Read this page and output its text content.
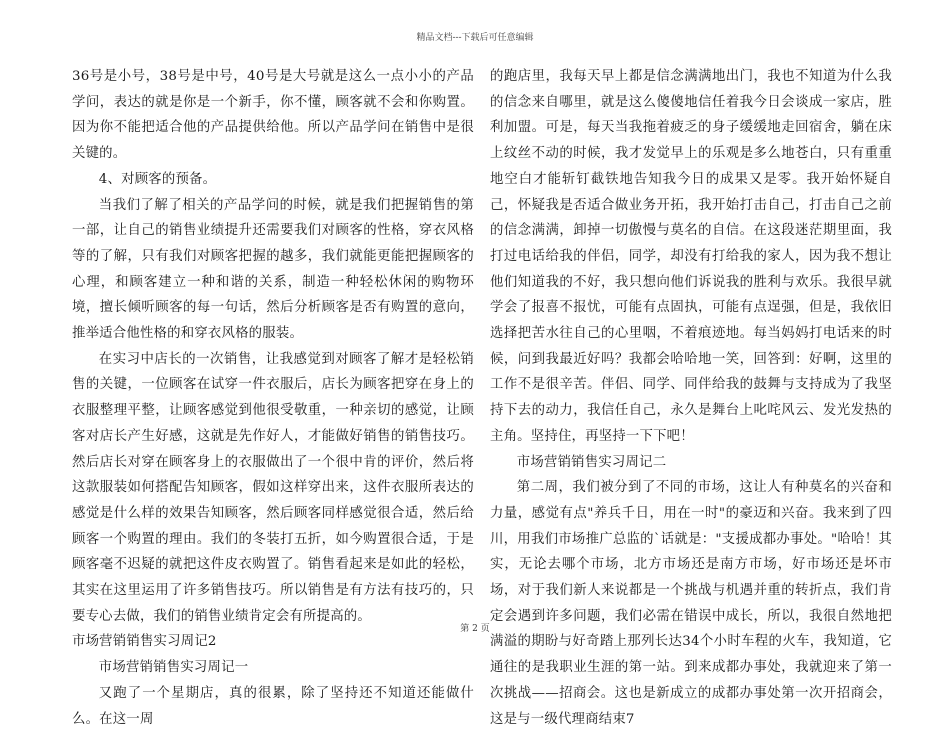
精品文档---下载后可任意编辑

36号是小号，38号是中号，40号是大号就是这么一点小小的产品学问，表达的就是你是一个新手，你不懂，顾客就不会和你购置。因为你不能把适合他的产品提供给他。所以产品学问在销售中是很关键的。

4、对顾客的预备。

当我们了解了相关的产品学问的时候，就是我们把握销售的第一部，让自己的销售业绩提升还需要我们对顾客的性格，穿衣风格等的了解，只有我们对顾客把握的越多，我们就能更能把握顾客的心理，和顾客建立一种和谐的关系，制造一种轻松休闲的购物环境，擅长倾听顾客的每一句话，然后分析顾客是否有购置的意向，推举适合他性格的和穿衣风格的服装。

在实习中店长的一次销售，让我感觉到对顾客了解才是轻松销售的关键，一位顾客在试穿一件衣服后，店长为顾客把穿在身上的衣服整理平整，让顾客感觉到他很受敬重，一种亲切的感觉，让顾客对店长产生好感，这就是先作好人，才能做好销售的销售技巧。然后店长对穿在顾客身上的衣服做出了一个很中肯的评价，然后将这款服装如何搭配告知顾客，假如这样穿出来，这件衣服所表达的感觉是什么样的效果告知顾客，然后顾客同样感觉很合适，然后给顾客一个购置的理由。我们的冬装打五折，如今购置很合适，于是顾客毫不迟疑的就把这件皮衣购置了。销售看起来是如此的轻松，其实在这里运用了许多销售技巧。所以销售是有方法有技巧的，只要专心去做，我们的销售业绩肯定会有所提高的。

市场营销销售实习周记2

市场营销销售实习周记一

又跑了一个星期店，真的很累，除了坚持还不知道还能做什么。在这一周

的跑店里，我每天早上都是信念满满地出门，我也不知道为什么我的信念来自哪里，就是这么傻傻地信任着我今日会谈成一家店，胜利加盟。可是，每天当我拖着疲乏的身子缓缓地走回宿舍，躺在床上纹丝不动的时候，我才发觉早上的乐观是多么地苍白，只有重重地空白才能斩钉截铁地告知我今日的成果又是零。我开始怀疑自己，怀疑我是否适合做业务开拓，我开始打击自己，打击自己之前的信念满满，卸掉一切傲慢与莫名的自信。在这段迷茫期里面，我打过电话给我的伴侣，同学，却没有打给我的家人，因为我不想让他们知道我的不好，我只想向他们诉说我的胜利与欢乐。我很早就学会了报喜不报忧，可能有点固执，可能有点逞强，但是，我依旧选择把苦水往自己的心里咽，不着痕迹地。每当妈妈打电话来的时候，问到我最近好吗？我都会哈哈地一笑，回答到：好啊，这里的工作不是很辛苦。伴侣、同学、同伴给我的鼓舞与支持成为了我坚持下去的动力，我信任自己，永久是舞台上叱咤风云、发光发热的主角。坚持住，再坚持一下下吧！

市场营销销售实习周记二

第二周，我们被分到了不同的市场，这让人有种莫名的兴奋和力量，感觉有点"养兵千日，用在一时"的豪迈和兴奋。我来到了四川，用我们市场推广总监的`话就是："支援成都办事处。"哈哈！其实，无论去哪个市场，北方市场还是南方市场，好市场还是坏市场，对于我们新人来说都是一个挑战与机遇并重的转折点，我们肯定会遇到许多问题，我们必需在错误中成长，所以，我很自然地把满溢的期盼与好奇踏上那列长达34个小时车程的火车，我知道，它通往的是我职业生涯的第一站。到来成都办事处，我就迎来了第一次挑战——招商会。这也是新成立的成都办事处第一次开招商会，这是与一级代理商结束7

第 2 页
